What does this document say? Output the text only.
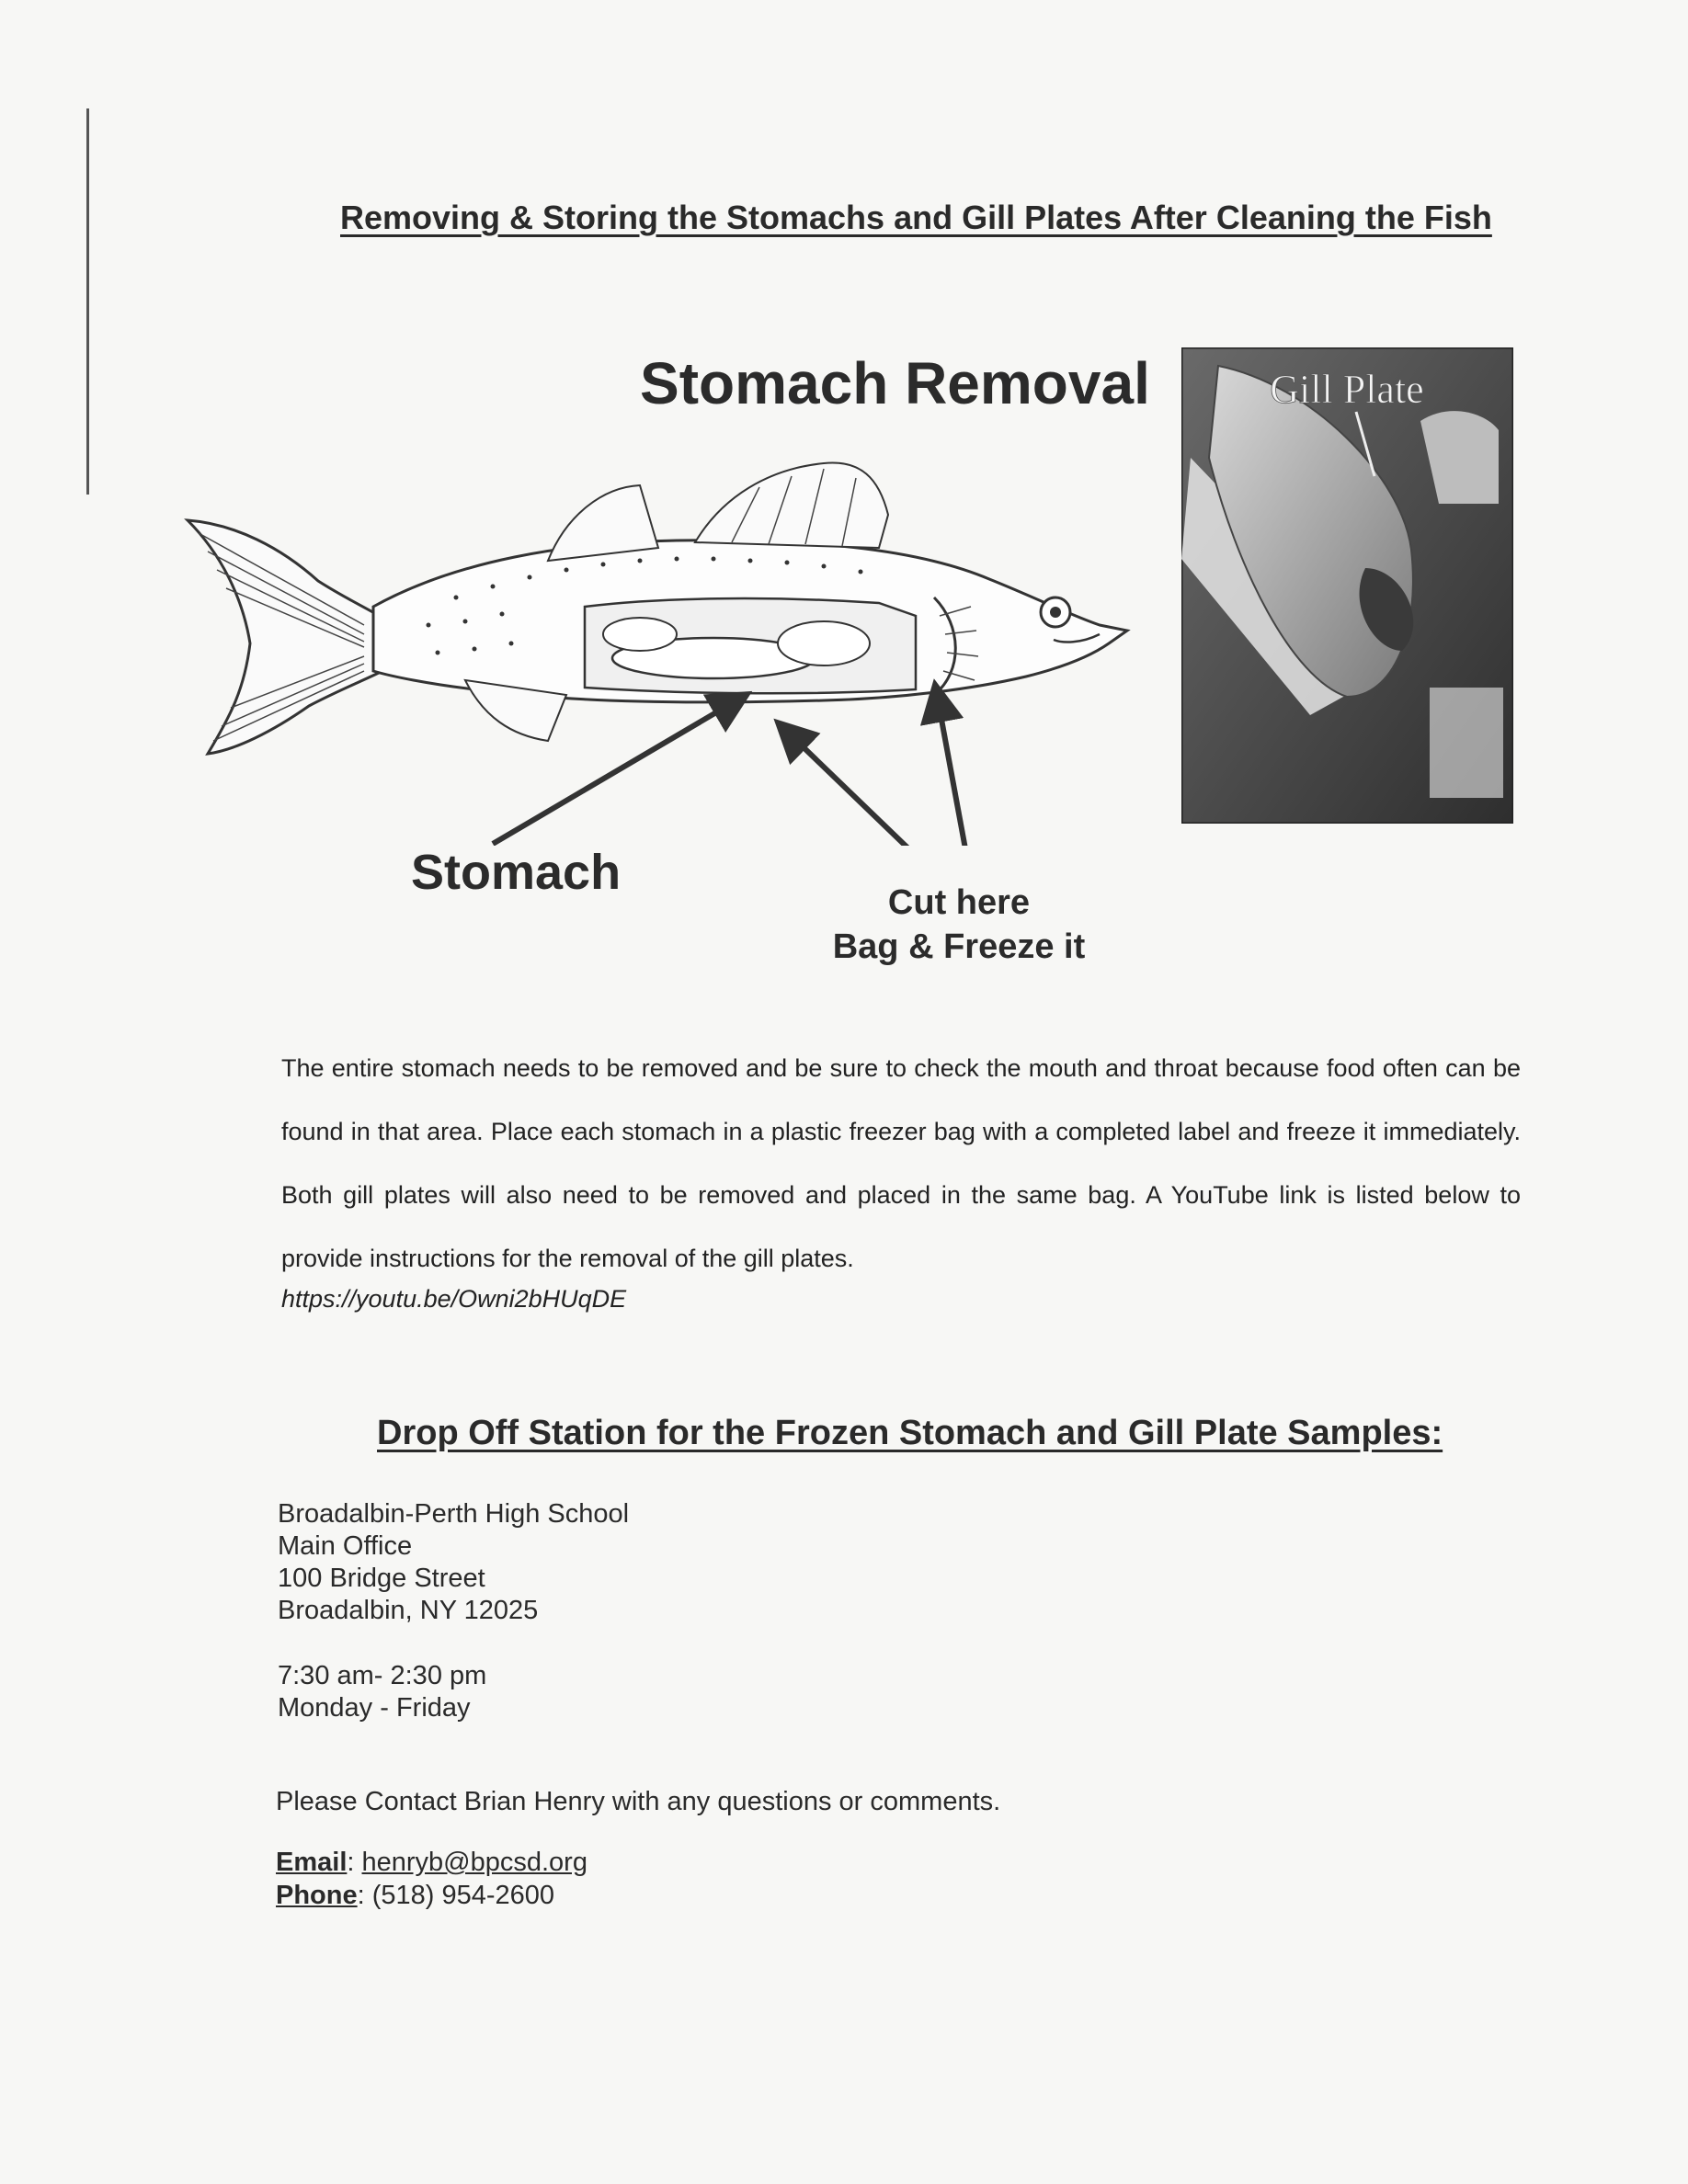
Removing & Storing the Stomachs and Gill Plates After Cleaning the Fish
Stomach Removal
Stomach
Cut here
Bag & Freeze it
Gill Plate
The entire stomach needs to be removed and be sure to check the mouth and throat because food often can be found in that area. Place each stomach in a plastic freezer bag with a completed label and freeze it immediately. Both gill plates will also need to be removed and placed in the same bag. A YouTube link is listed below to provide instructions for the removal of the gill plates.
https://youtu.be/Owni2bHUqDE
Drop Off Station for the Frozen Stomach and Gill Plate Samples:
Broadalbin-Perth High School
Main Office
100 Bridge Street
Broadalbin, NY 12025
7:30 am- 2:30 pm
Monday - Friday
Please Contact Brian Henry with any questions or comments.
Email: henryb@bpcsd.org
Phone: (518) 954-2600
